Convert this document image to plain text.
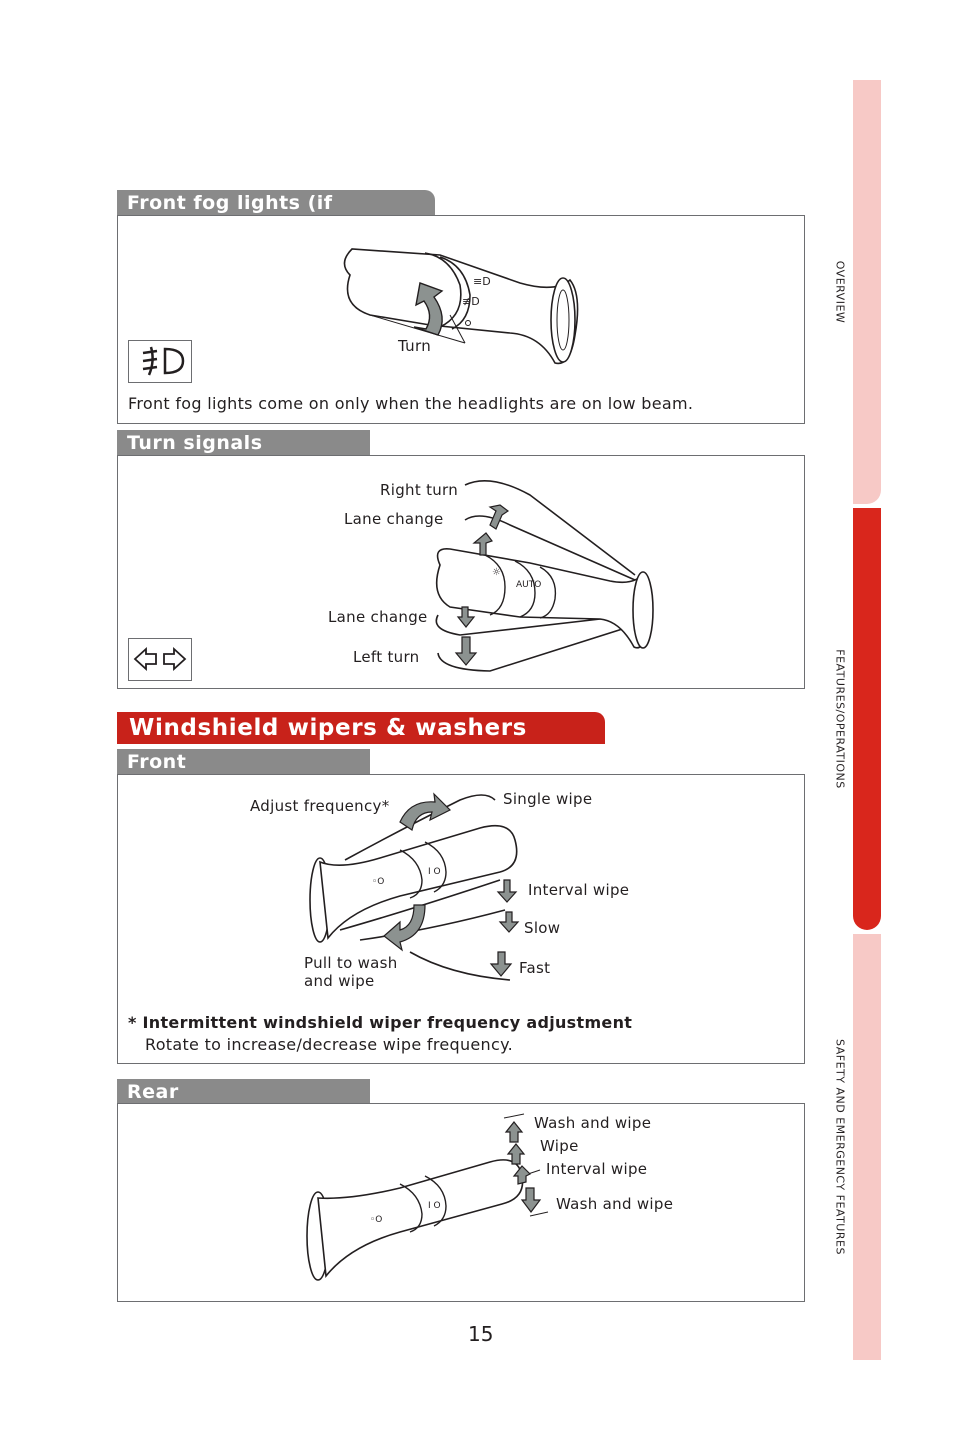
OVERVIEW
FEATURES/OPERATIONS
SAFETY AND EMERGENCY FEATURES
Front fog lights (if
≡D
≢D
Turn
Front fog lights come on only when the headlights are on low beam.
Turn signals
☼
AUTO
Right turn
Lane change
Lane change
Left turn
Windshield wipers & washers
Front
◦O
I O
Adjust frequency*	Single wipe
Interval wipe
Slow
Fast
Pull to wash
and wipe
* Intermittent windshield wiper frequency adjustment
Rotate to increase/decrease wipe frequency.
Rear
◦O
I O
Wash and wipe
Wipe
Interval wipe
Wash and wipe
15
